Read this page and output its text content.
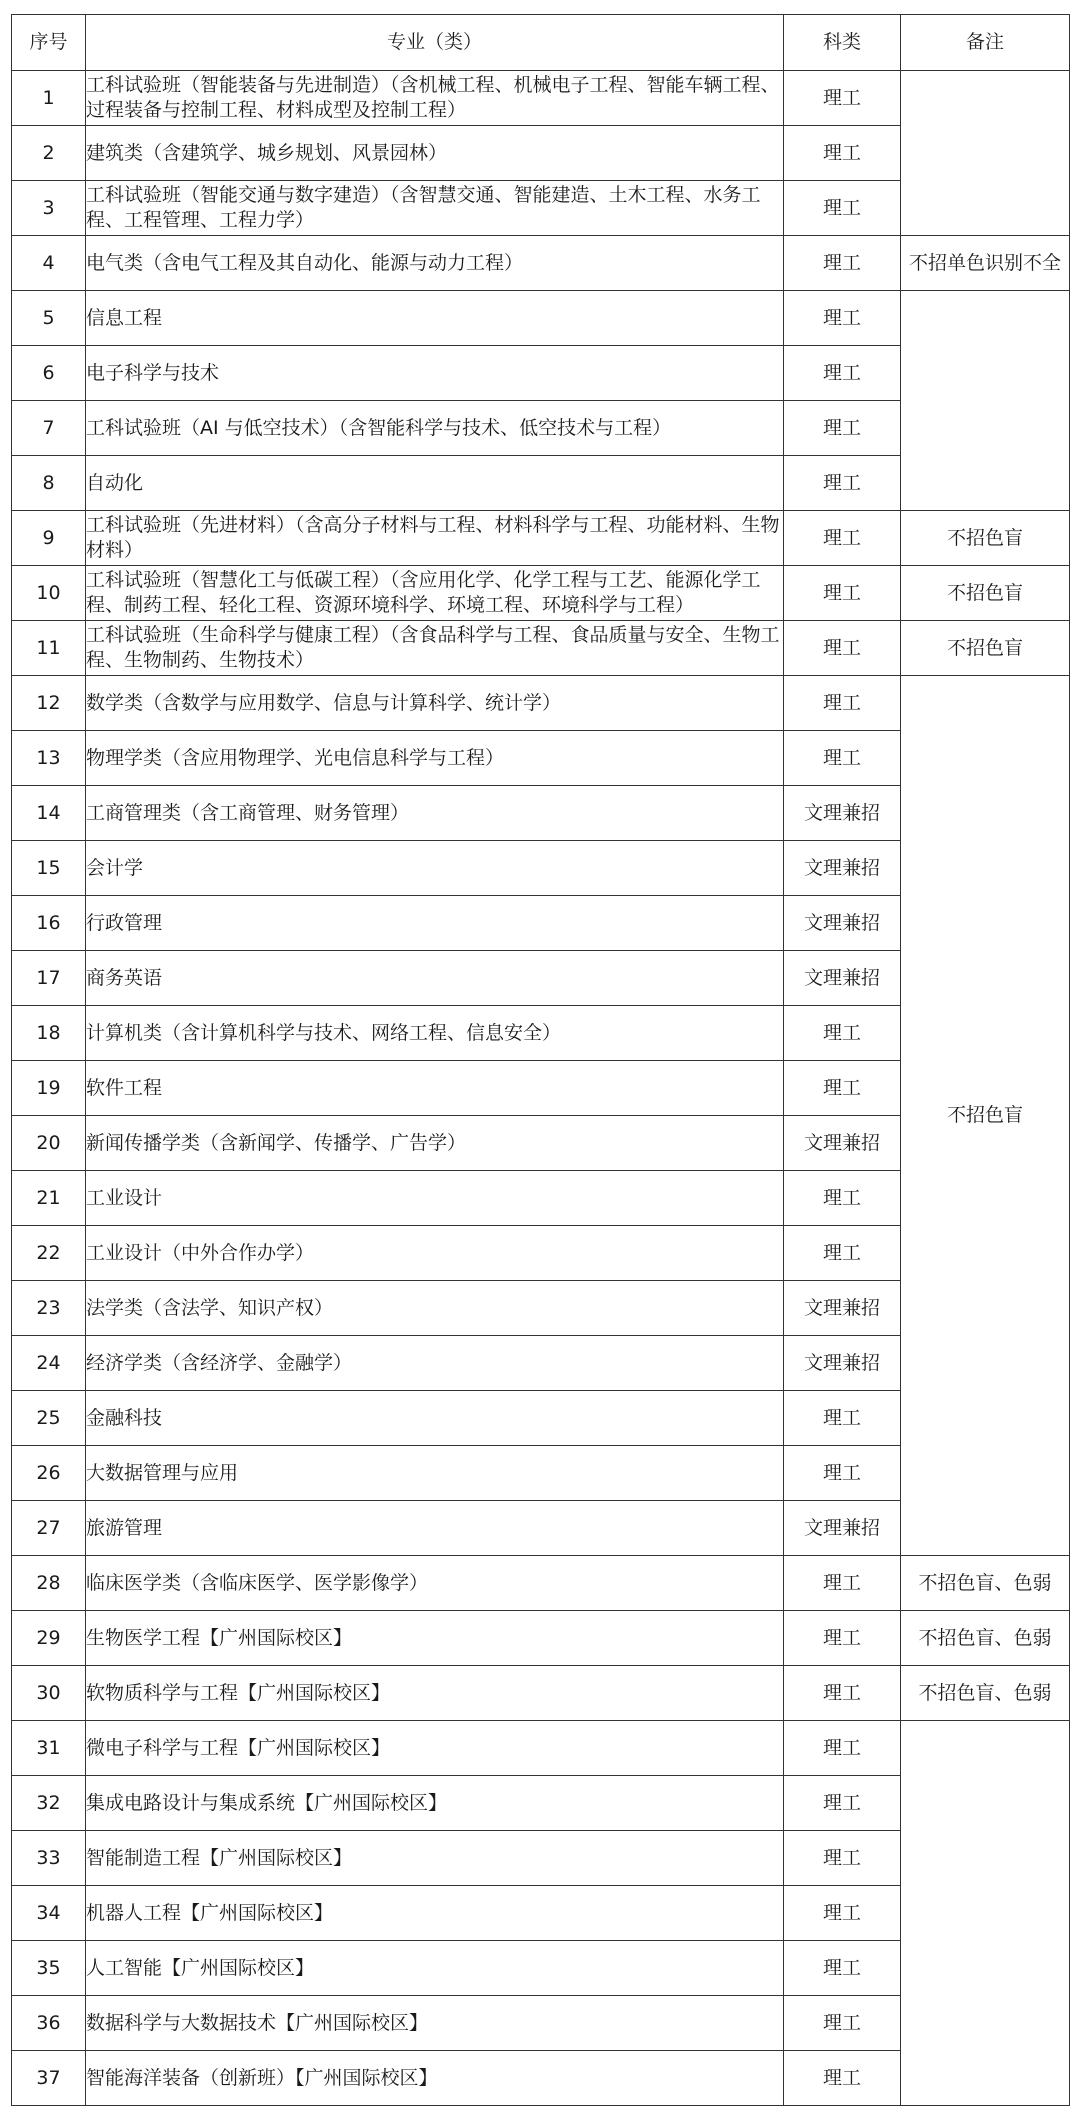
序号	专业（类）	科类	备注
1	工科试验班（智能装备与先进制造）（含机械工程、机械电子工程、智能车辆工程、过程装备与控制工程、材料成型及控制工程）	理工	
2	建筑类（含建筑学、城乡规划、风景园林）	理工	
3	工科试验班（智能交通与数字建造）（含智慧交通、智能建造、土木工程、水务工程、工程管理、工程力学）	理工	
4	电气类（含电气工程及其自动化、能源与动力工程）	理工	不招单色识别不全
5	信息工程	理工	
6	电子科学与技术	理工	
7	工科试验班（AI 与低空技术）（含智能科学与技术、低空技术与工程）	理工	
8	自动化	理工	
9	工科试验班（先进材料）（含高分子材料与工程、材料科学与工程、功能材料、生物材料）	理工	不招色盲
10	工科试验班（智慧化工与低碳工程）（含应用化学、化学工程与工艺、能源化学工程、制药工程、轻化工程、资源环境科学、环境工程、环境科学与工程）	理工	不招色盲
11	工科试验班（生命科学与健康工程）（含食品科学与工程、食品质量与安全、生物工程、生物制药、生物技术）	理工	不招色盲
12	数学类（含数学与应用数学、信息与计算科学、统计学）	理工	不招色盲
13	物理学类（含应用物理学、光电信息科学与工程）	理工	
14	工商管理类（含工商管理、财务管理）	文理兼招	
15	会计学	文理兼招	
16	行政管理	文理兼招	
17	商务英语	文理兼招	
18	计算机类（含计算机科学与技术、网络工程、信息安全）	理工	
19	软件工程	理工	
20	新闻传播学类（含新闻学、传播学、广告学）	文理兼招	
21	工业设计	理工	
22	工业设计（中外合作办学）	理工	
23	法学类（含法学、知识产权）	文理兼招	
24	经济学类（含经济学、金融学）	文理兼招	
25	金融科技	理工	
26	大数据管理与应用	理工	
27	旅游管理	文理兼招	
28	临床医学类（含临床医学、医学影像学）	理工	不招色盲、色弱
29	生物医学工程【广州国际校区】	理工	不招色盲、色弱
30	软物质科学与工程【广州国际校区】	理工	不招色盲、色弱
31	微电子科学与工程【广州国际校区】	理工	
32	集成电路设计与集成系统【广州国际校区】	理工	
33	智能制造工程【广州国际校区】	理工	
34	机器人工程【广州国际校区】	理工	
35	人工智能【广州国际校区】	理工	
36	数据科学与大数据技术【广州国际校区】	理工	
37	智能海洋装备（创新班）【广州国际校区】	理工	
